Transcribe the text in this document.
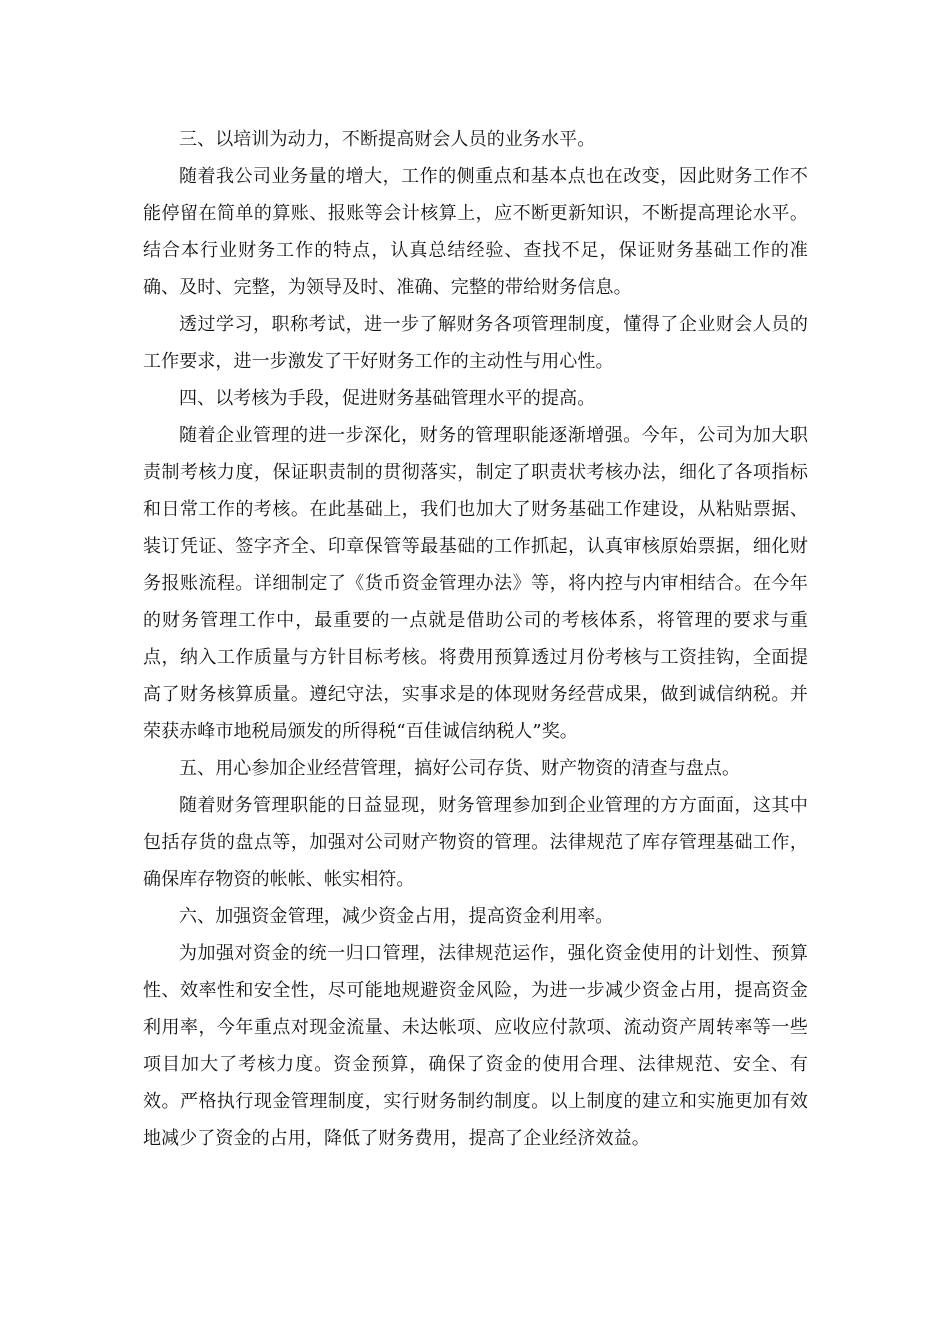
三、以培训为动力，不断提高财会人员的业务水平。

随着我公司业务量的增大，工作的侧重点和基本点也在改变，因此财务工作不能停留在简单的算账、报账等会计核算上，应不断更新知识，不断提高理论水平。结合本行业财务工作的特点，认真总结经验、查找不足，保证财务基础工作的准确、及时、完整，为领导及时、准确、完整的带给财务信息。

透过学习，职称考试，进一步了解财务各项管理制度，懂得了企业财会人员的工作要求，进一步激发了干好财务工作的主动性与用心性。

四、以考核为手段，促进财务基础管理水平的提高。

随着企业管理的进一步深化，财务的管理职能逐渐增强。今年，公司为加大职责制考核力度，保证职责制的贯彻落实，制定了职责状考核办法，细化了各项指标和日常工作的考核。在此基础上，我们也加大了财务基础工作建设，从粘贴票据、装订凭证、签字齐全、印章保管等最基础的工作抓起，认真审核原始票据，细化财务报账流程。详细制定了《货币资金管理办法》等，将内控与内审相结合。在今年的财务管理工作中，最重要的一点就是借助公司的考核体系，将管理的要求与重点，纳入工作质量与方针目标考核。将费用预算透过月份考核与工资挂钩，全面提高了财务核算质量。遵纪守法，实事求是的体现财务经营成果，做到诚信纳税。并荣获赤峰市地税局颁发的所得税“百佳诚信纳税人”奖。

五、用心参加企业经营管理，搞好公司存货、财产物资的清查与盘点。

随着财务管理职能的日益显现，财务管理参加到企业管理的方方面面，这其中包括存货的盘点等，加强对公司财产物资的管理。法律规范了库存管理基础工作，确保库存物资的帐帐、帐实相符。

六、加强资金管理，减少资金占用，提高资金利用率。

为加强对资金的统一归口管理，法律规范运作，强化资金使用的计划性、预算性、效率性和安全性，尽可能地规避资金风险，为进一步减少资金占用，提高资金利用率，今年重点对现金流量、未达帐项、应收应付款项、流动资产周转率等一些项目加大了考核力度。资金预算，确保了资金的使用合理、法律规范、安全、有效。严格执行现金管理制度，实行财务制约制度。以上制度的建立和实施更加有效地减少了资金的占用，降低了财务费用，提高了企业经济效益。
